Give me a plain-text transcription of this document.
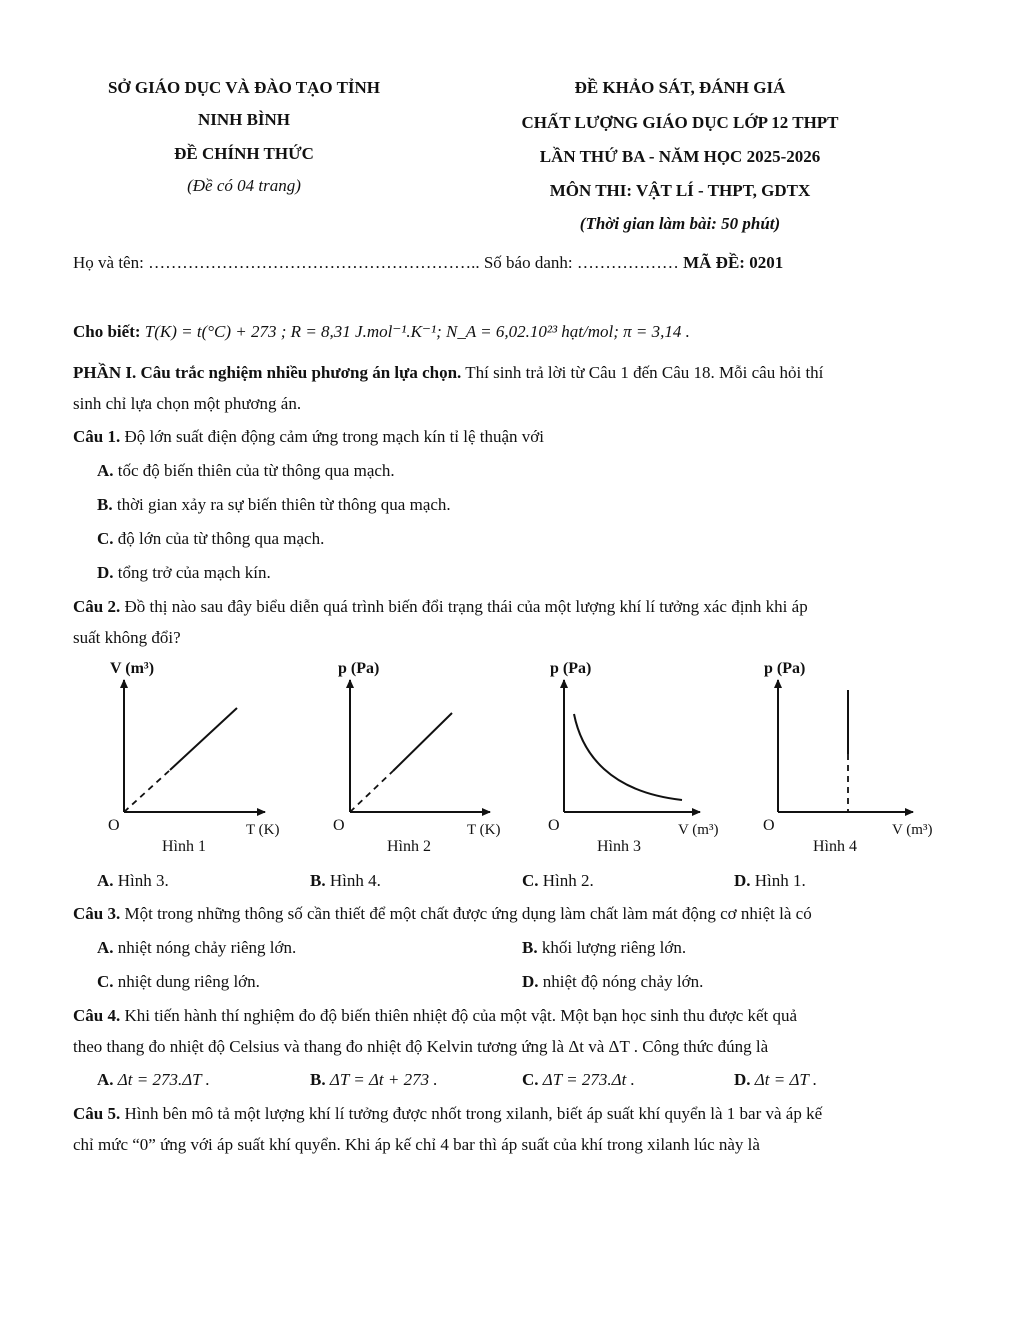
SỞ GIÁO DỤC VÀ ĐÀO TẠO TỈNH
NINH BÌNH
ĐỀ CHÍNH THỨC
(Đề có 04 trang)
ĐỀ KHẢO SÁT, ĐÁNH GIÁ
CHẤT LƯỢNG GIÁO DỤC LỚP 12 THPT
LẦN THỨ BA - NĂM HỌC 2025-2026
MÔN THI: VẬT LÍ - THPT, GDTX
(Thời gian làm bài: 50 phút)
Họ và tên: ………………………………………………….. Số báo danh: ……………… MÃ ĐỀ: 0201
Cho biết: T(K) = t(°C) + 273 ; R = 8,31 J.mol⁻¹.K⁻¹; N_A = 6,02.10²³ hạt/mol; π = 3,14 .
PHẦN I. Câu trắc nghiệm nhiều phương án lựa chọn. Thí sinh trả lời từ Câu 1 đến Câu 18. Mỗi câu hỏi thí
sinh chỉ lựa chọn một phương án.
Câu 1. Độ lớn suất điện động cảm ứng trong mạch kín tỉ lệ thuận với
A. tốc độ biến thiên của từ thông qua mạch.
B. thời gian xảy ra sự biến thiên từ thông qua mạch.
C. độ lớn của từ thông qua mạch.
D. tổng trở của mạch kín.
Câu 2. Đồ thị nào sau đây biểu diễn quá trình biến đổi trạng thái của một lượng khí lí tưởng xác định khi áp
suất không đổi?
V (m³)
T (K)
O
Hình 1
p (Pa)
T (K)
O
Hình 2
p (Pa)
V (m³)
O
Hình 3
p (Pa)
V (m³)
O
Hình 4
A. Hình 3.	B. Hình 4.	C. Hình 2.	D. Hình 1.
Câu 3. Một trong những thông số cần thiết để một chất được ứng dụng làm chất làm mát động cơ nhiệt là có
A. nhiệt nóng chảy riêng lớn.	B. khối lượng riêng lớn.
C. nhiệt dung riêng lớn.	D. nhiệt độ nóng chảy lớn.
Câu 4. Khi tiến hành thí nghiệm đo độ biến thiên nhiệt độ của một vật. Một bạn học sinh thu được kết quả
theo thang đo nhiệt độ Celsius và thang đo nhiệt độ Kelvin tương ứng là Δt và ΔT . Công thức đúng là
A. Δt = 273.ΔT .	B. ΔT = Δt + 273 .	C. ΔT = 273.Δt .	D. Δt = ΔT .
Câu 5. Hình bên mô tả một lượng khí lí tưởng được nhốt trong xilanh, biết áp suất khí quyển là 1 bar và áp kế
chỉ mức “0” ứng với áp suất khí quyển. Khi áp kế chỉ 4 bar thì áp suất của khí trong xilanh lúc này là
